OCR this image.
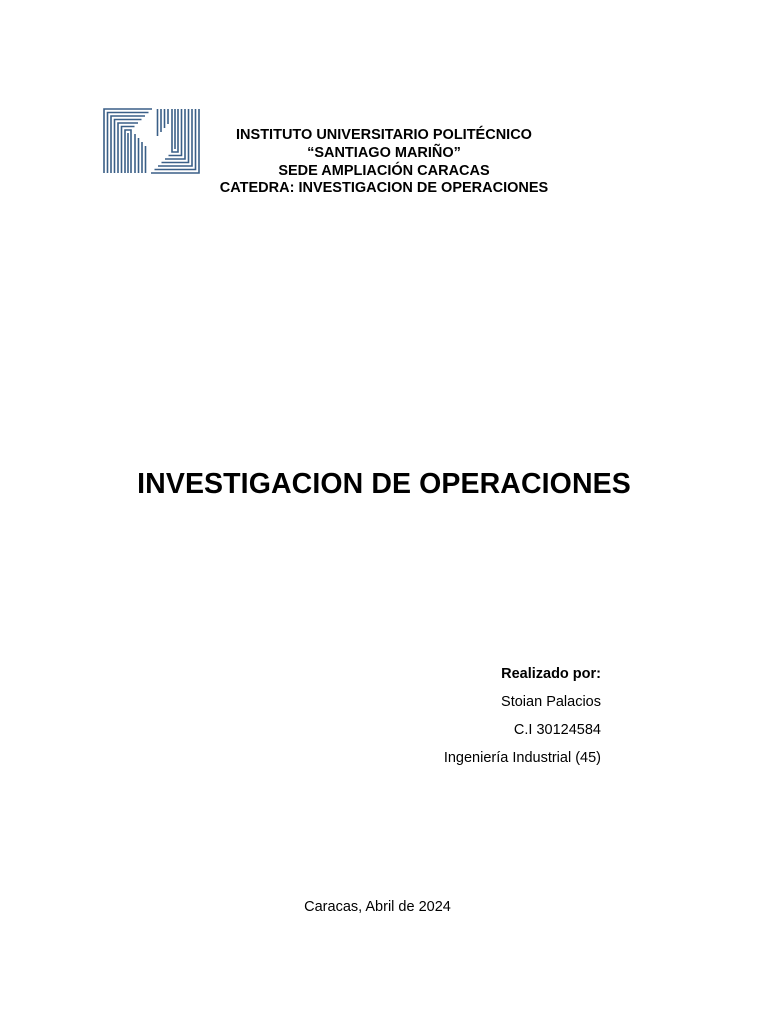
INSTITUTO UNIVERSITARIO POLITÉCNICO
“SANTIAGO MARIÑO”
SEDE AMPLIACIÓN CARACAS
CATEDRA: INVESTIGACION DE OPERACIONES
INVESTIGACION DE OPERACIONES
Realizado por:
Stoian Palacios
C.I 30124584
Ingeniería Industrial (45)
Caracas, Abril de 2024
